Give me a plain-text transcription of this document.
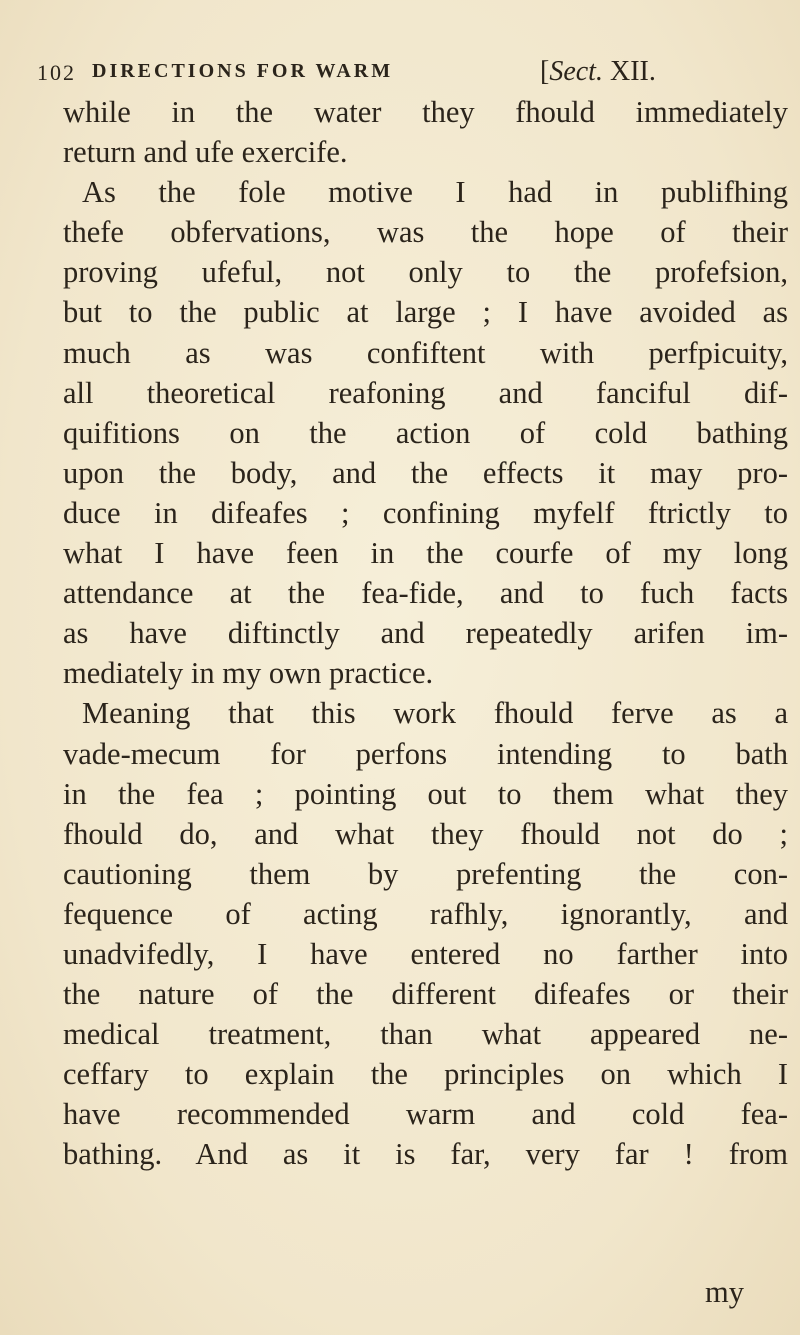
102 DIRECTIONS FOR WARM	[Sect. XII.
while in the water they fhould immediately
return and ufe exercife.
As the fole motive I had in publifhing
thefe obfervations, was the hope of their
proving ufeful, not only to the profefsion,
but to the public at large ; I have avoided as
much as was confiftent with perfpicuity,
all theoretical reafoning and fanciful dif-
quifitions on the action of cold bathing
upon the body, and the effects it may pro-
duce in difeafes ; confining myfelf ftrictly to
what I have feen in the courfe of my long
attendance at the fea-fide, and to fuch facts
as have diftinctly and repeatedly arifen im-
mediately in my own practice.
Meaning that this work fhould ferve as a
vade-mecum for perfons intending to bath
in the fea ; pointing out to them what they
fhould do, and what they fhould not do ;
cautioning them by prefenting the con-
fequence of acting rafhly, ignorantly, and
unadvifedly, I have entered no farther into
the nature of the different difeafes or their
medical treatment, than what appeared ne-
ceffary to explain the principles on which I
have recommended warm and cold fea-
bathing. And as it is far, very far ! from
my
